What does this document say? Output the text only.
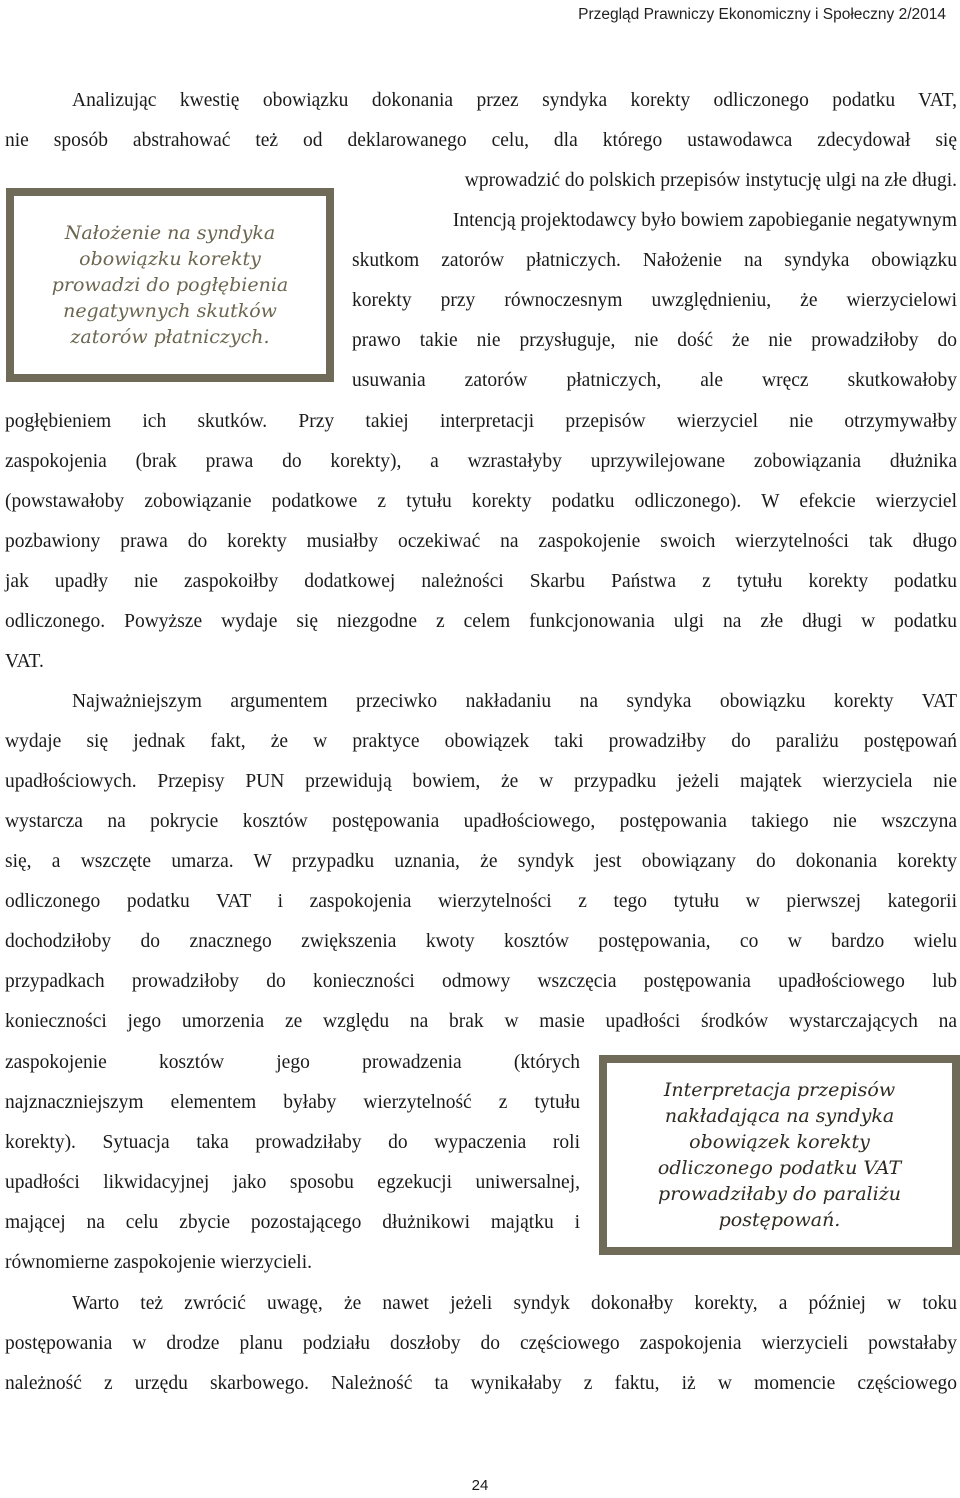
Przegląd Prawniczy Ekonomiczny i Społeczny 2/2014
Analizując kwestię obowiązku dokonania przez syndyka korekty odliczonego podatku VAT,
nie sposób abstrahować też od deklarowanego celu, dla którego ustawodawca zdecydował się
wprowadzić do polskich przepisów instytucję ulgi na złe długi.
Intencją projektodawcy było bowiem zapobieganie negatywnym
skutkom zatorów płatniczych. Nałożenie na syndyka obowiązku
korekty przy równoczesnym uwzględnieniu, że wierzycielowi
prawo takie nie przysługuje, nie dość że nie prowadziłoby do
usuwania zatorów płatniczych, ale wręcz skutkowałoby
pogłębieniem ich skutków. Przy takiej interpretacji przepisów wierzyciel nie otrzymywałby
zaspokojenia (brak prawa do korekty), a wzrastałyby uprzywilejowane zobowiązania dłużnika
(powstawałoby zobowiązanie podatkowe z tytułu korekty podatku odliczonego). W efekcie wierzyciel
pozbawiony prawa do korekty musiałby oczekiwać na zaspokojenie swoich wierzytelności tak długo
jak upadły nie zaspokoiłby dodatkowej należności Skarbu Państwa z tytułu korekty podatku
odliczonego. Powyższe wydaje się niezgodne z celem funkcjonowania ulgi na złe długi w podatku
VAT.
Nałożenie na syndyka
obowiązku korekty
prowadzi do pogłębienia
negatywnych skutków
zatorów płatniczych.
Najważniejszym argumentem przeciwko nakładaniu na syndyka obowiązku korekty VAT
wydaje się jednak fakt, że w praktyce obowiązek taki prowadziłby do paraliżu postępowań
upadłościowych. Przepisy PUN przewidują bowiem, że w przypadku jeżeli majątek wierzyciela nie
wystarcza na pokrycie kosztów postępowania upadłościowego, postępowania takiego nie wszczyna
się, a wszczęte umarza. W przypadku uznania, że syndyk jest obowiązany do dokonania korekty
odliczonego podatku VAT i zaspokojenia wierzytelności z tego tytułu w pierwszej kategorii
dochodziłoby do znacznego zwiększenia kwoty kosztów postępowania, co w bardzo wielu
przypadkach prowadziłoby do konieczności odmowy wszczęcia postępowania upadłościowego lub
konieczności jego umorzenia ze względu na brak w masie upadłości środków wystarczających na
zaspokojenie kosztów jego prowadzenia (których
najznaczniejszym elementem byłaby wierzytelność z tytułu
korekty). Sytuacja taka prowadziłaby do wypaczenia roli
upadłości likwidacyjnej jako sposobu egzekucji uniwersalnej,
mającej na celu zbycie pozostającego dłużnikowi majątku i
równomierne zaspokojenie wierzycieli.
Interpretacja przepisów
nakładająca na syndyka
obowiązek korekty
odliczonego podatku VAT
prowadziłaby do paraliżu
postępowań.
Warto też zwrócić uwagę, że nawet jeżeli syndyk dokonałby korekty, a później w toku
postępowania w drodze planu podziału doszłoby do częściowego zaspokojenia wierzycieli powstałaby
należność z urzędu skarbowego. Należność ta wynikałaby z faktu, iż w momencie częściowego
24
